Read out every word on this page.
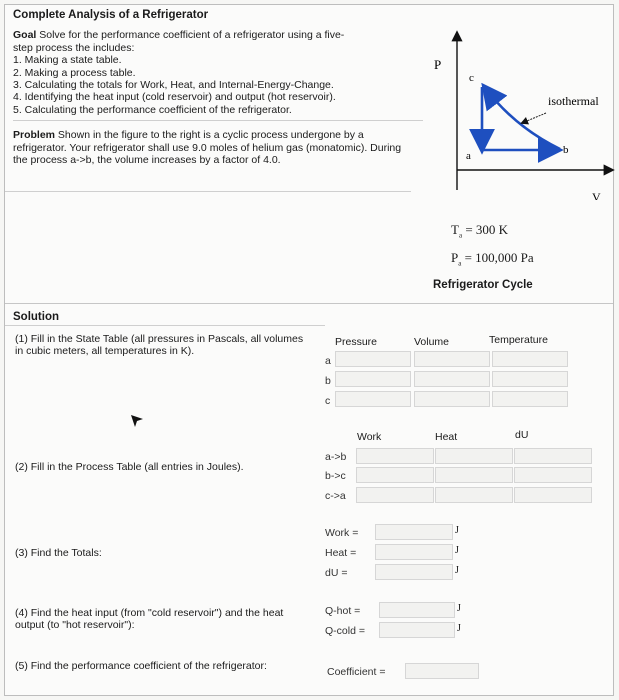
Complete Analysis of a Refrigerator
Goal Solve for the performance coefficient of a refrigerator using a five-
step process the includes:
1. Making a state table.
2. Making a process table.
3. Calculating the totals for Work, Heat, and Internal-Energy-Change.
4. Identifying the heat input (cold reservoir) and output (hot reservoir).
5. Calculating the performance coefficient of the refrigerator.
Problem Shown in the figure to the right is a cyclic process undergone by a refrigerator. Your refrigerator shall use 9.0 moles of helium gas (monatomic). During the process a->b, the volume increases by a factor of 4.0.
P
V
c
a	b
isothermal
$T_a = 300$ K
$P_a = 100,000$ Pa
Refrigerator Cycle
Solution
(1) Fill in the State Table (all pressures in Pascals, all volumes in cubic meters, all temperatures in K).
Pressure	Volume	Temperature
a
b
c
Work	Heat	dU
(2) Fill in the Process Table (all entries in Joules).
a->b
b->c
c->a
(3) Find the Totals:
Work =	J
Heat =	J
dU =	J
(4) Find the heat input (from "cold reservoir") and the heat output (to "hot reservoir"):
Q-hot =	J
Q-cold =	J
(5) Find the performance coefficient of the refrigerator:	Coefficient =
